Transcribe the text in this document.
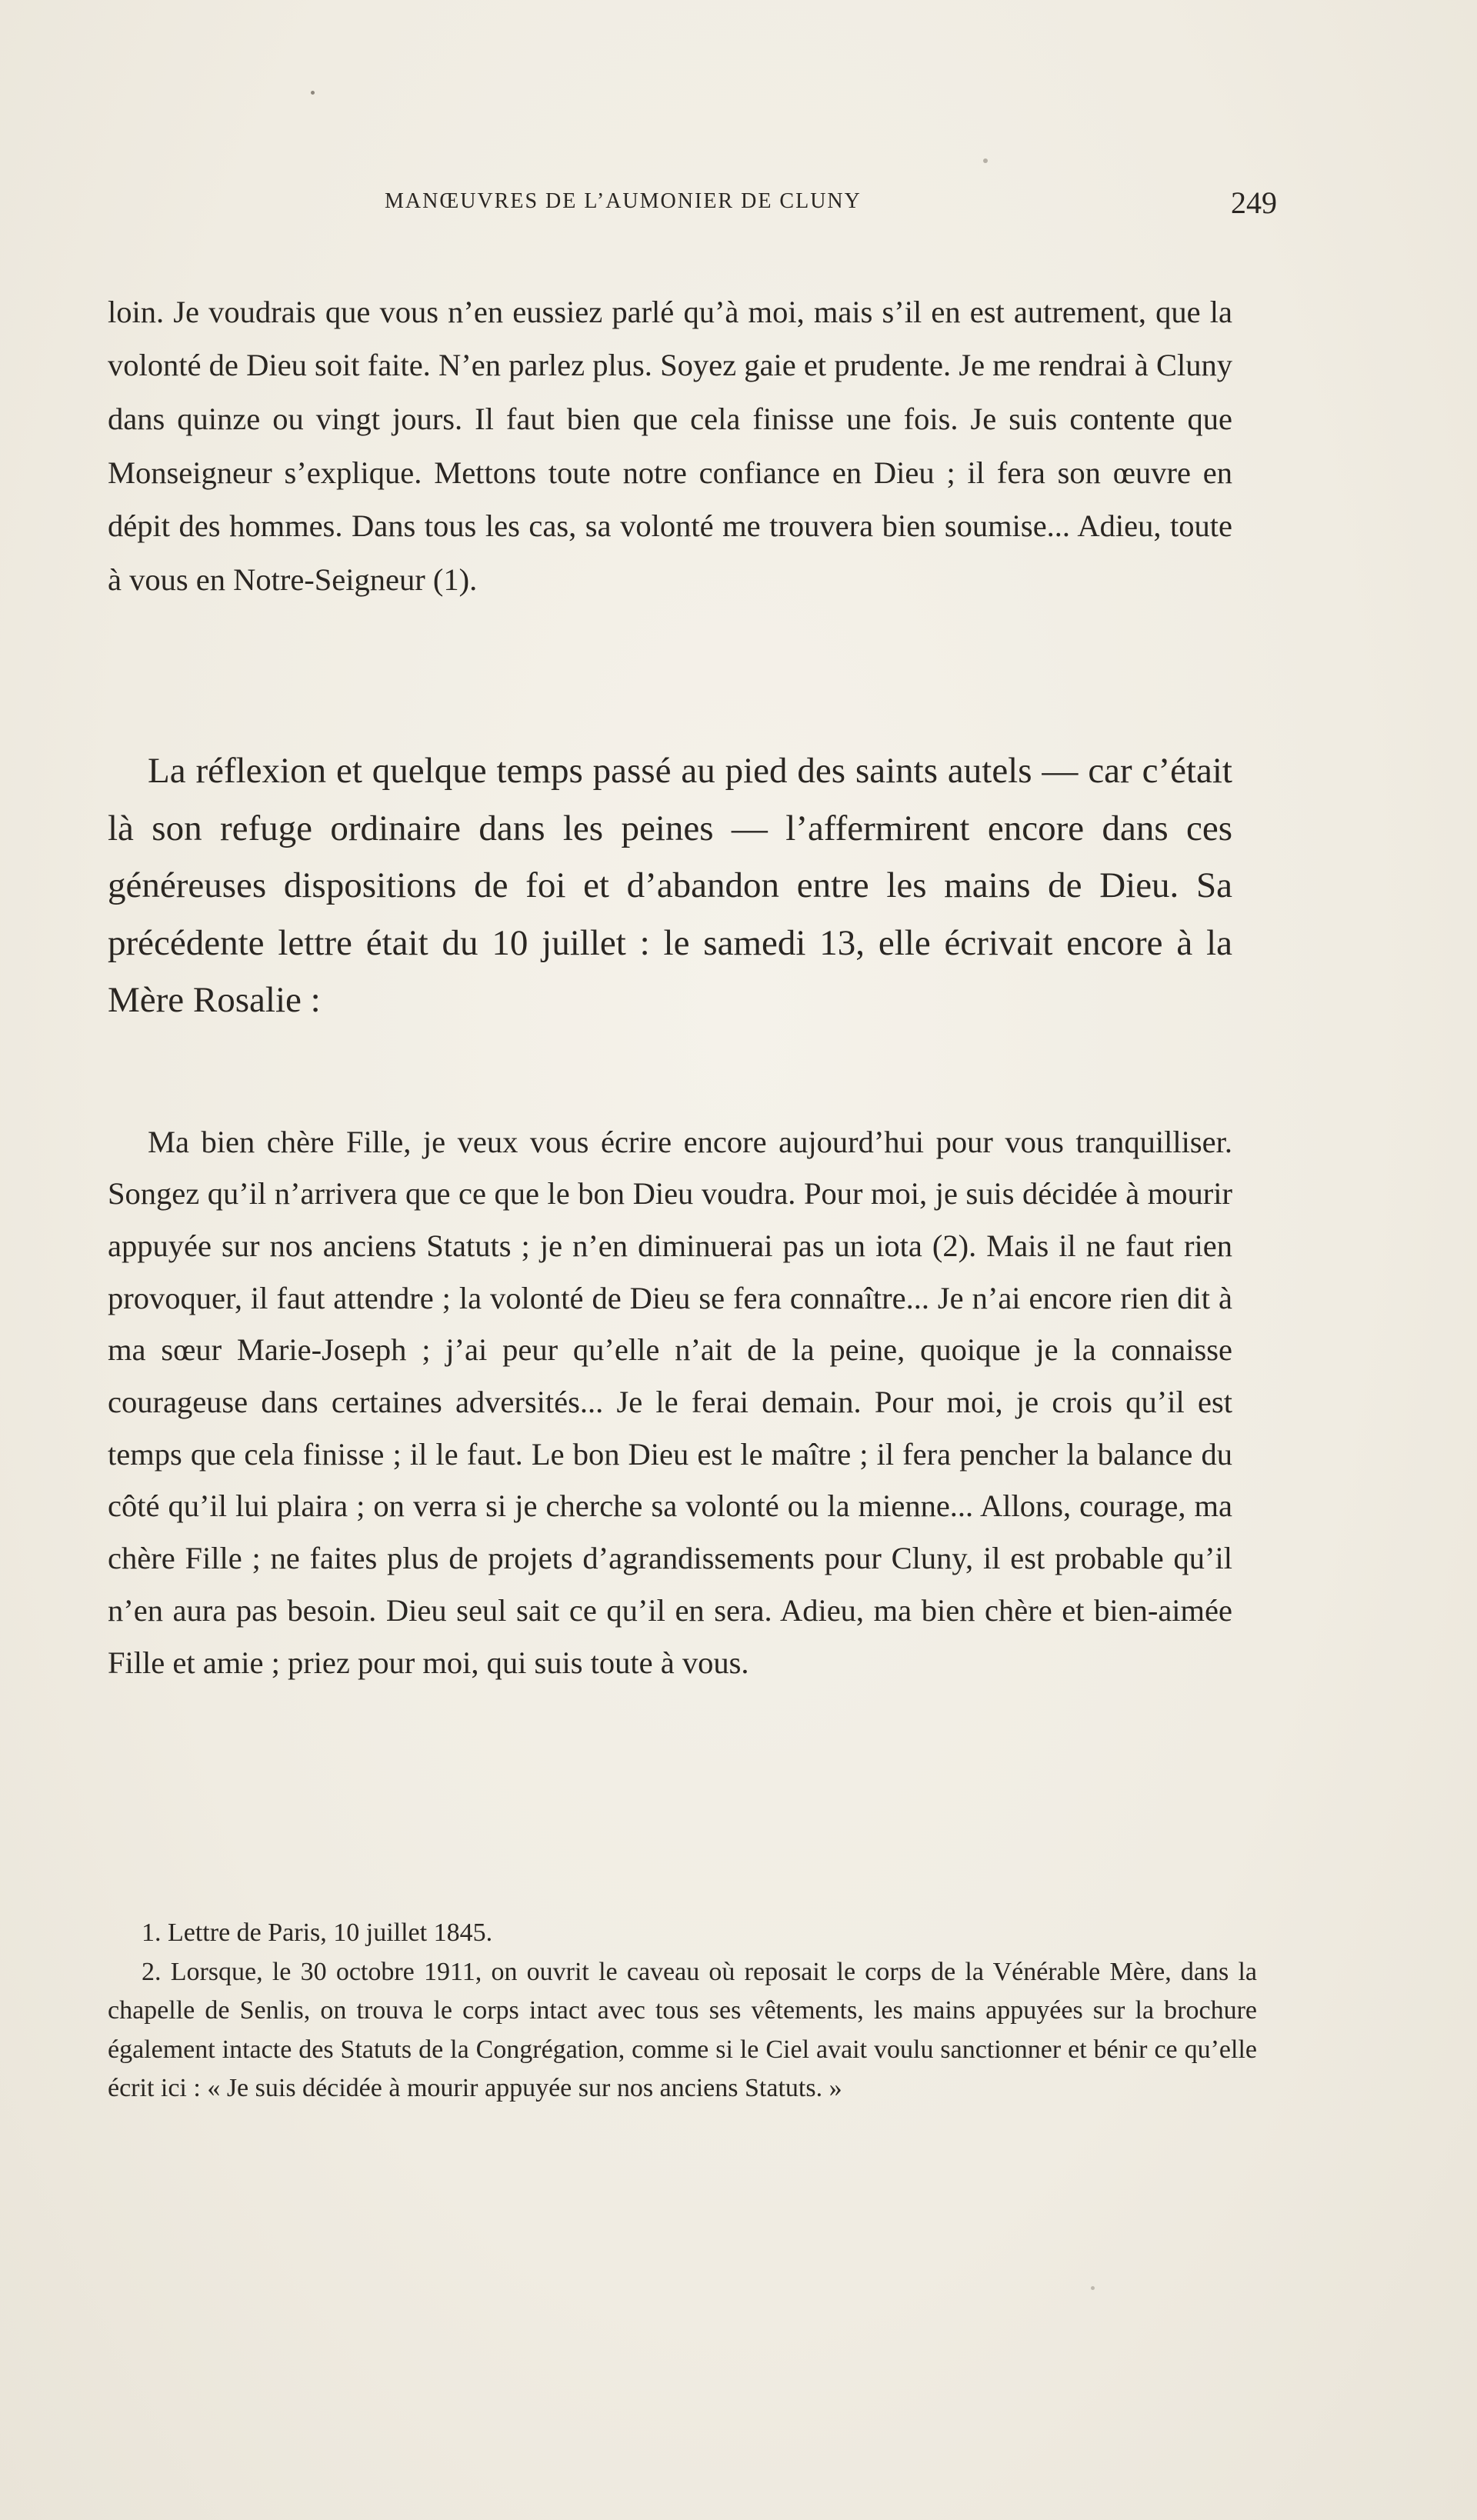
MANŒUVRES DE L’AUMONIER DE CLUNY	249

loin. Je voudrais que vous n’en eussiez parlé qu’à moi, mais s’il en est autrement, que la volonté de Dieu soit faite. N’en parlez plus. Soyez gaie et prudente. Je me rendrai à Cluny dans quinze ou vingt jours. Il faut bien que cela finisse une fois. Je suis contente que Monseigneur s’explique. Mettons toute notre confiance en Dieu ; il fera son œuvre en dépit des hommes. Dans tous les cas, sa volonté me trouvera bien soumise... Adieu, toute à vous en Notre-Seigneur (1).

La réflexion et quelque temps passé au pied des saints autels — car c’était là son refuge ordinaire dans les peines — l’affermirent encore dans ces généreuses dispositions de foi et d’abandon entre les mains de Dieu. Sa précédente lettre était du 10 juillet : le samedi 13, elle écrivait encore à la Mère Rosalie :

Ma bien chère Fille, je veux vous écrire encore aujourd’hui pour vous tranquilliser. Songez qu’il n’arrivera que ce que le bon Dieu voudra. Pour moi, je suis décidée à mourir appuyée sur nos anciens Statuts ; je n’en diminuerai pas un iota (2). Mais il ne faut rien provoquer, il faut attendre ; la volonté de Dieu se fera connaître... Je n’ai encore rien dit à ma sœur Marie-Joseph ; j’ai peur qu’elle n’ait de la peine, quoique je la connaisse courageuse dans certaines adversités... Je le ferai demain. Pour moi, je crois qu’il est temps que cela finisse ; il le faut. Le bon Dieu est le maître ; il fera pencher la balance du côté qu’il lui plaira ; on verra si je cherche sa volonté ou la mienne... Allons, courage, ma chère Fille ; ne faites plus de projets d’agrandissements pour Cluny, il est probable qu’il n’en aura pas besoin. Dieu seul sait ce qu’il en sera. Adieu, ma bien chère et bien-aimée Fille et amie ; priez pour moi, qui suis toute à vous.

1. Lettre de Paris, 10 juillet 1845.
2. Lorsque, le 30 octobre 1911, on ouvrit le caveau où reposait le corps de la Vénérable Mère, dans la chapelle de Senlis, on trouva le corps intact avec tous ses vêtements, les mains appuyées sur la brochure également intacte des Statuts de la Congrégation, comme si le Ciel avait voulu sanctionner et bénir ce qu’elle écrit ici : « Je suis décidée à mourir appuyée sur nos anciens Statuts. »
